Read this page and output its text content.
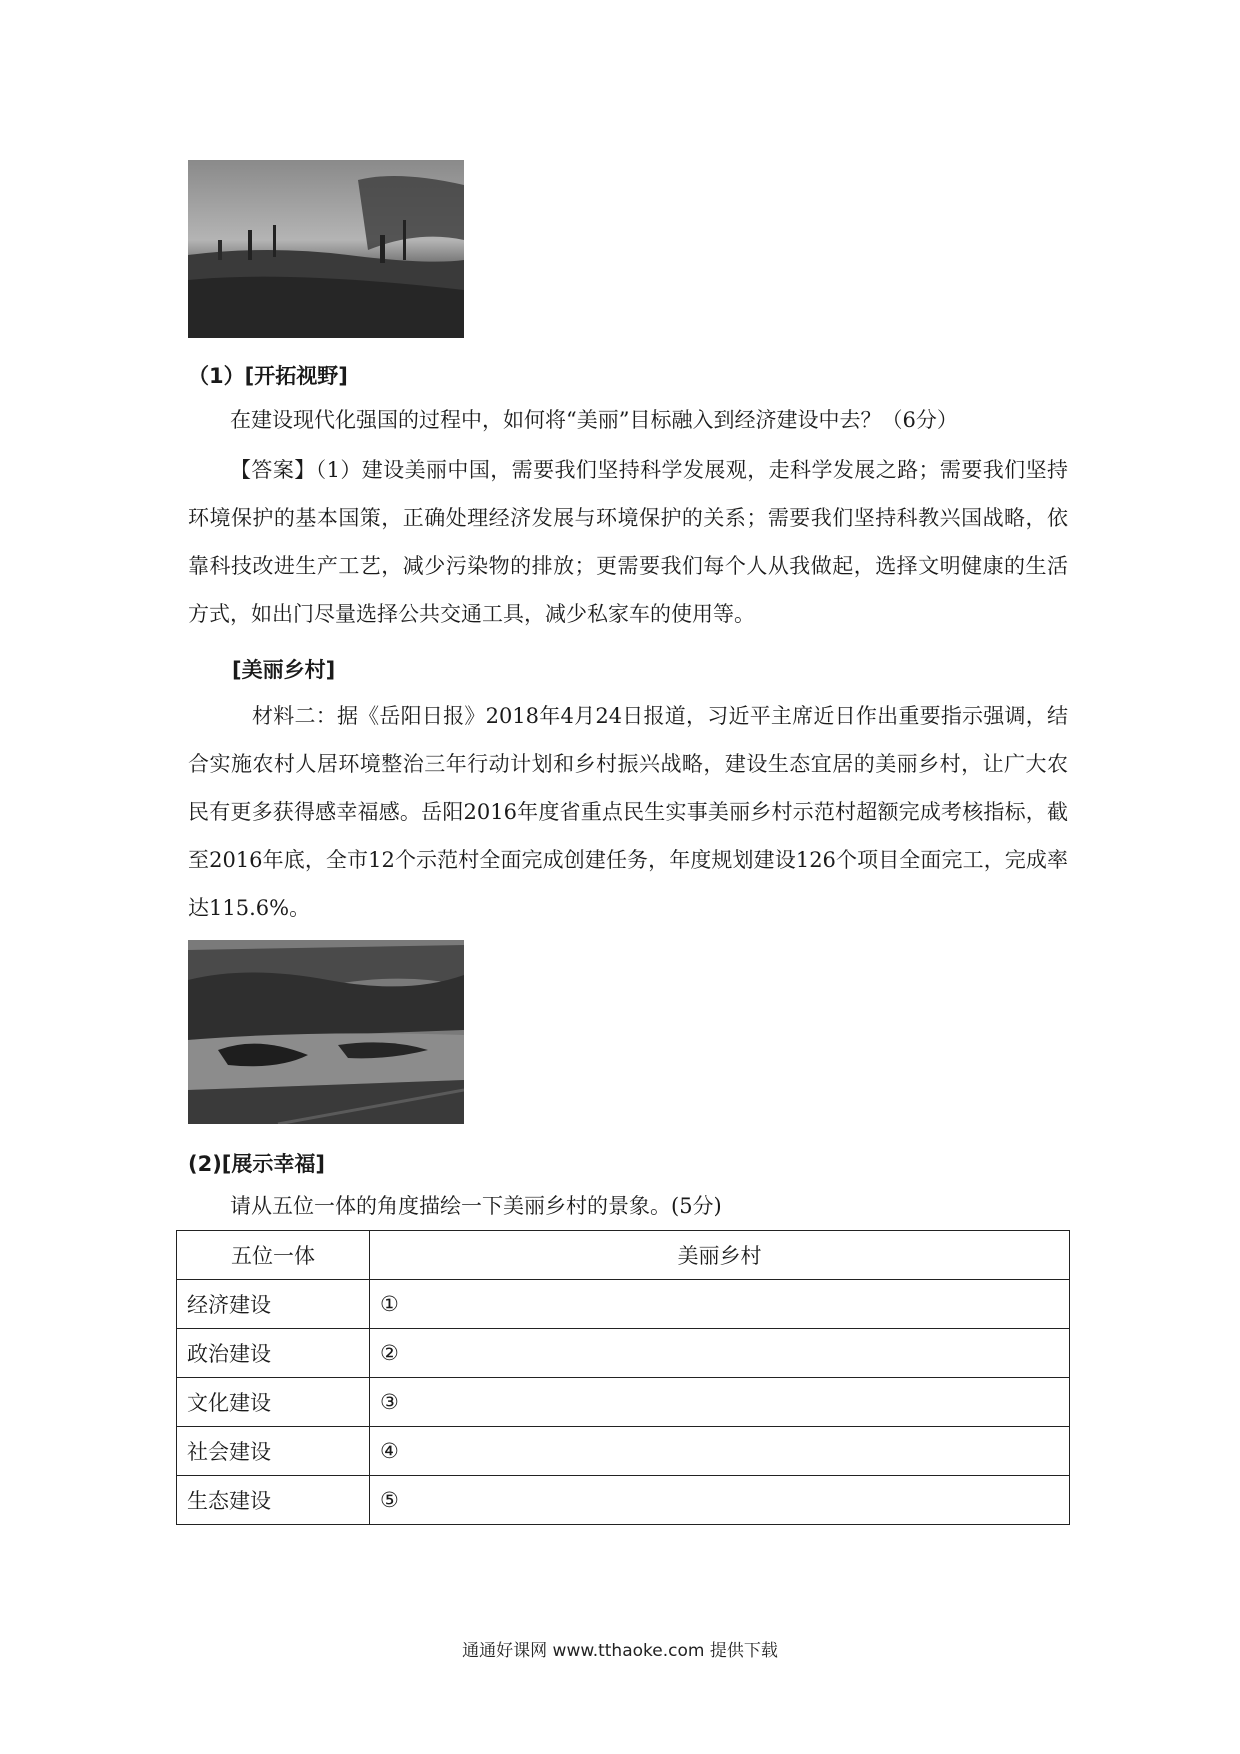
（1）[开拓视野]
在建设现代化强国的过程中，如何将“美丽”目标融入到经济建设中去？（6分）
【答案】（1）建设美丽中国，需要我们坚持科学发展观，走科学发展之路；需要我们坚持环境保护的基本国策，正确处理经济发展与环境保护的关系；需要我们坚持科教兴国战略，依靠科技改进生产工艺，减少污染物的排放；更需要我们每个人从我做起，选择文明健康的生活方式，如出门尽量选择公共交通工具，减少私家车的使用等。
[美丽乡村]
材料二：据《岳阳日报》2018年4月24日报道，习近平主席近日作出重要指示强调，结合实施农村人居环境整治三年行动计划和乡村振兴战略，建设生态宜居的美丽乡村，让广大农民有更多获得感幸福感。岳阳2016年度省重点民生实事美丽乡村示范村超额完成考核指标，截至2016年底，全市12个示范村全面完成创建任务，年度规划建设126个项目全面完工，完成率达115.6%。
(2)[展示幸福]
请从五位一体的角度描绘一下美丽乡村的景象。(5分)
五位一体	美丽乡村
经济建设	①
政治建设	②
文化建设	③
社会建设	④
生态建设	⑤
通通好课网 www.tthaoke.com 提供下载
